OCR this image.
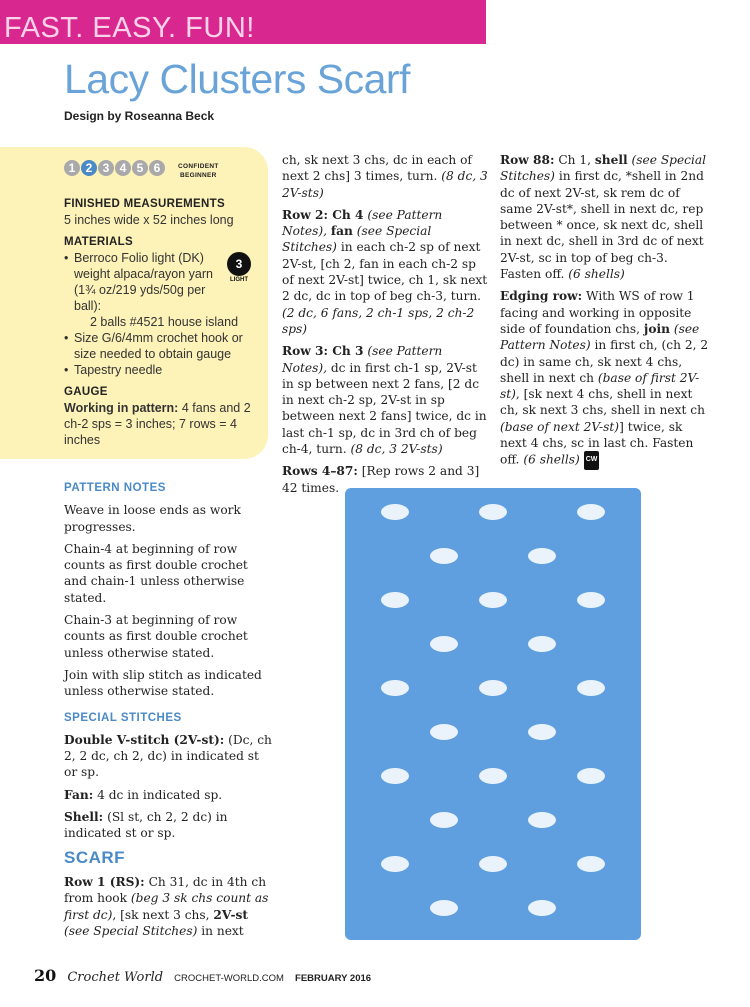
FAST. EASY. FUN!
Lacy Clusters Scarf
Design by Roseanna Beck
1 2 3 4 5 6	CONFIDENT
BEGINNER
FINISHED MEASUREMENTS

5 inches wide x 52 inches long

MATERIALS
• Berroco Folio light (DK) weight alpaca/rayon yarn (1¾ oz/219 yds/50g per ball):
2 balls #4521 house island
• Size G/6/4mm crochet hook or size needed to obtain gauge
• Tapestry needle
GAUGE

Working in pattern: 4 fans and 2 ch-2 sps = 3 inches; 7 rows = 4 inches

3
LIGHT

ch, sk next 3 chs, dc in each of next 2 chs] 3 times, turn. (8 dc, 3 2V-sts)

Row 2: Ch 4 (see Pattern Notes), fan (see Special Stitches) in each ch-2 sp of next 2V-st, [ch 2, fan in each ch-2 sp of next 2V-st] twice, ch 1, sk next 2 dc, dc in top of beg ch-3, turn. (2 dc, 6 fans, 2 ch-1 sps, 2 ch-2 sps)

Row 3: Ch 3 (see Pattern Notes), dc in first ch-1 sp, 2V-st in sp between next 2 fans, [2 dc in next ch-2 sp, 2V-st in sp between next 2 fans] twice, dc in last ch-1 sp, dc in 3rd ch of beg ch-4, turn. (8 dc, 3 2V-sts)

Rows 4–87: [Rep rows 2 and 3] 42 times.

Row 88: Ch 1, shell (see Special Stitches) in first dc, *shell in 2nd dc of next 2V-st, sk rem dc of same 2V-st*, shell in next dc, rep between * once, sk next dc, shell in next dc, shell in 3rd dc of next 2V-st, sc in top of beg ch-3. Fasten off. (6 shells)

Edging row: With WS of row 1 facing and working in opposite side of foundation chs, join (see Pattern Notes) in first ch, (ch 2, 2 dc) in same ch, sk next 4 chs, shell in next ch (base of first 2V-st), [sk next 4 chs, shell in next ch, sk next 3 chs, shell in next ch (base of next 2V-st)] twice, sk next 4 chs, sc in last ch. Fasten off. (6 shells) CW

PATTERN NOTES

Weave in loose ends as work progresses.

Chain-4 at beginning of row counts as first double crochet and chain-1 unless otherwise stated.

Chain-3 at beginning of row counts as first double crochet unless otherwise stated.

Join with slip stitch as indicated unless otherwise stated.

SPECIAL STITCHES

Double V-stitch (2V-st): (Dc, ch 2, 2 dc, ch 2, dc) in indicated st or sp.

Fan: 4 dc in indicated sp.

Shell: (Sl st, ch 2, 2 dc) in indicated st or sp.

SCARF

Row 1 (RS): Ch 31, dc in 4th ch from hook (beg 3 sk chs count as first dc), [sk next 3 chs, 2V-st (see Special Stitches) in next

20 Crochet World CROCHET-WORLD.COM FEBRUARY 2016
